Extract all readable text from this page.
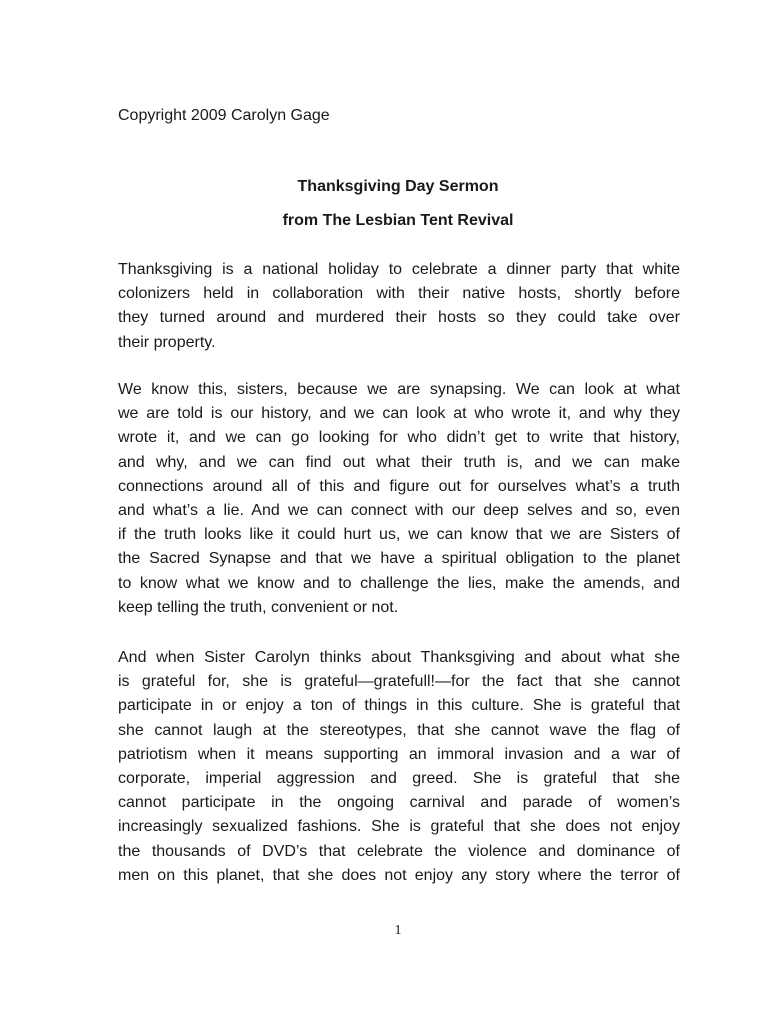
Copyright 2009 Carolyn Gage
Thanksgiving Day Sermon
from The Lesbian Tent Revival
Thanksgiving is a national holiday to celebrate a dinner party that white
colonizers held in collaboration with their native hosts, shortly before
they turned around and murdered their hosts so they could take over
their property.
We know this, sisters, because we are synapsing. We can look at what
we are told is our history, and we can look at who wrote it, and why they
wrote it, and we can go looking for who didn’t get to write that history,
and why, and we can find out what their truth is, and we can make
connections around all of this and figure out for ourselves what’s a truth
and what’s a lie. And we can connect with our deep selves and so, even
if the truth looks like it could hurt us, we can know that we are Sisters of
the Sacred Synapse and that we have a spiritual obligation to the planet
to know what we know and to challenge the lies, make the amends, and
keep telling the truth, convenient or not.
And when Sister Carolyn thinks about Thanksgiving and about what she
is grateful for, she is grateful—gratefull!—for the fact that she cannot
participate in or enjoy a ton of things in this culture. She is grateful that
she cannot laugh at the stereotypes, that she cannot wave the flag of
patriotism when it means supporting an immoral invasion and a war of
corporate, imperial aggression and greed. She is grateful that she
cannot participate in the ongoing carnival and parade of women’s
increasingly sexualized fashions. She is grateful that she does not enjoy
the thousands of DVD’s that celebrate the violence and dominance of
men on this planet, that she does not enjoy any story where the terror of
1
